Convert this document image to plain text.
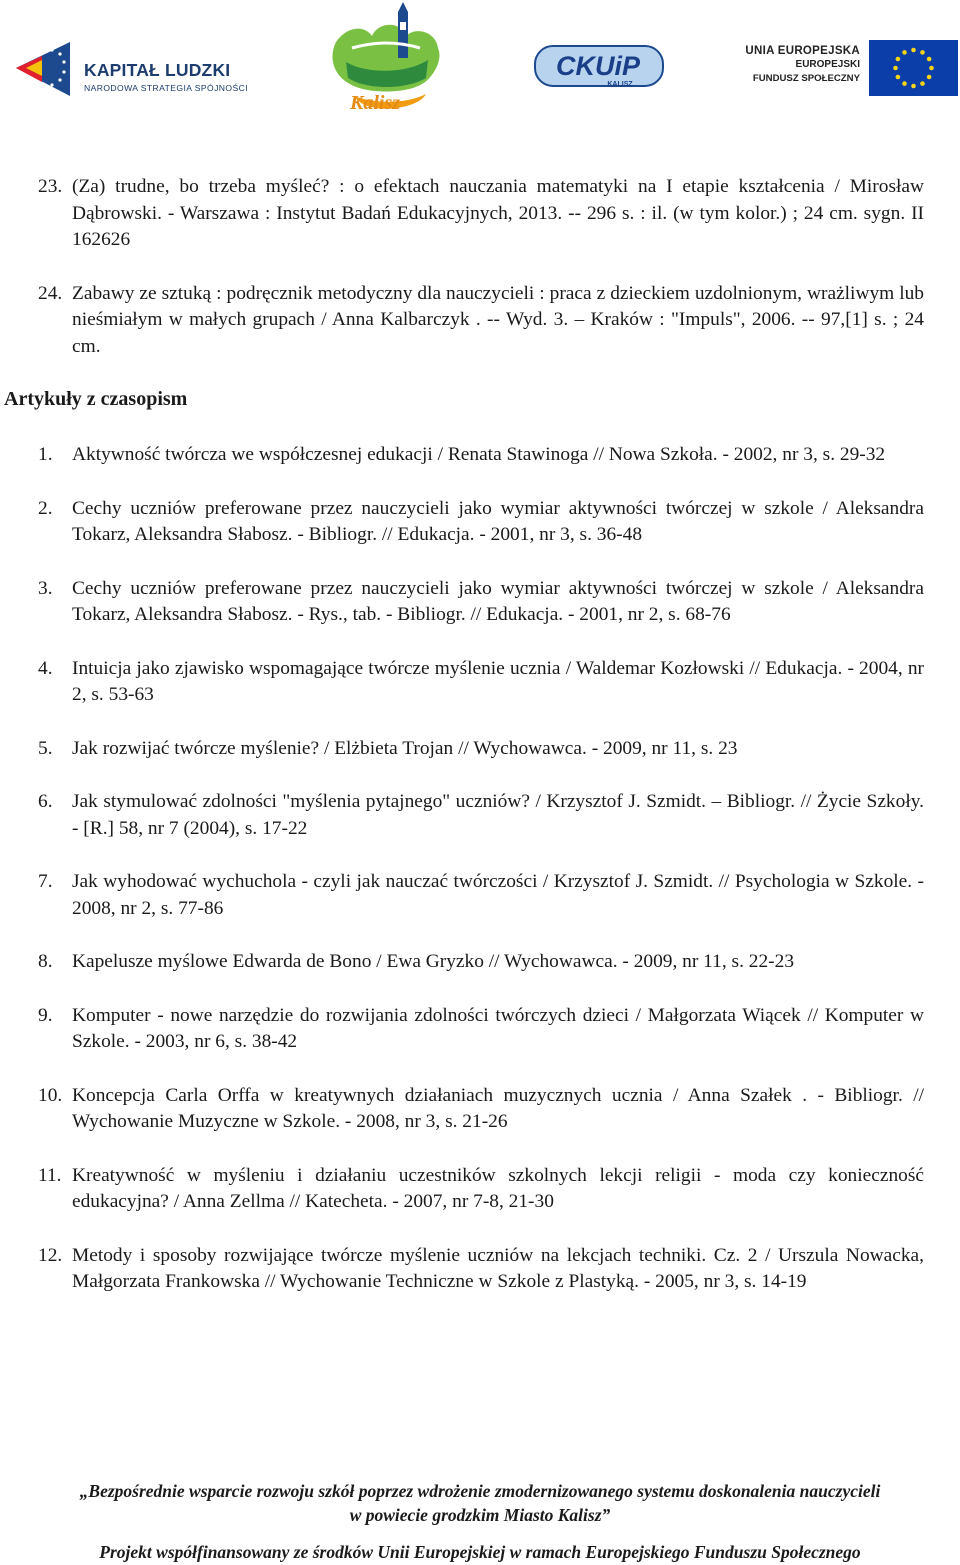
KAPITAŁ LUDZKI
NARODOWA STRATEGIA SPÓJNOŚCI
Kalisz
CKUiP
KALISZ
UNIA EUROPEJSKA
EUROPEJSKI
FUNDUSZ SPOŁECZNY
23. (Za) trudne, bo trzeba myśleć? : o efektach nauczania matematyki na I etapie kształcenia / Mirosław Dąbrowski. - Warszawa : Instytut Badań Edukacyjnych, 2013. -- 296 s. : il. (w tym kolor.) ; 24 cm. sygn. II 162626
24. Zabawy ze sztuką : podręcznik metodyczny dla nauczycieli : praca z dzieckiem uzdolnionym, wrażliwym lub nieśmiałym w małych grupach / Anna Kalbarczyk . -- Wyd. 3. – Kraków : "Impuls", 2006. -- 97,[1] s. ; 24 cm.
Artykuły z czasopism
1.	Aktywność twórcza we współczesnej edukacji / Renata Stawinoga // Nowa Szkoła. - 2002, nr 3, s. 29-32
2.	Cechy uczniów preferowane przez nauczycieli jako wymiar aktywności twórczej w szkole / Aleksandra Tokarz, Aleksandra Słabosz. - Bibliogr. // Edukacja. - 2001, nr 3, s. 36-48
3.	Cechy uczniów preferowane przez nauczycieli jako wymiar aktywności twórczej w szkole / Aleksandra Tokarz, Aleksandra Słabosz. - Rys., tab. - Bibliogr. // Edukacja. - 2001, nr 2, s. 68-76
4.	Intuicja jako zjawisko wspomagające twórcze myślenie ucznia / Waldemar Kozłowski // Edukacja. - 2004, nr 2, s. 53-63
5.	Jak rozwijać twórcze myślenie? / Elżbieta Trojan // Wychowawca. - 2009, nr 11, s. 23
6.	Jak stymulować zdolności "myślenia pytajnego" uczniów? / Krzysztof J. Szmidt. – Bibliogr. // Życie Szkoły. - [R.] 58, nr 7 (2004), s. 17-22
7.	Jak wyhodować wychuchola - czyli jak nauczać twórczości / Krzysztof J. Szmidt. // Psychologia w Szkole. - 2008, nr 2, s. 77-86
8.	Kapelusze myślowe Edwarda de Bono / Ewa Gryzko // Wychowawca. - 2009, nr 11, s. 22-23
9.	Komputer - nowe narzędzie do rozwijania zdolności twórczych dzieci / Małgorzata Wiącek // Komputer w Szkole. - 2003, nr 6, s. 38-42
10. Koncepcja Carla Orffa w kreatywnych działaniach muzycznych ucznia / Anna Szałek . - Bibliogr. // Wychowanie Muzyczne w Szkole. - 2008, nr 3, s. 21-26
11. Kreatywność w myśleniu i działaniu uczestników szkolnych lekcji religii - moda czy konieczność edukacyjna? / Anna Zellma // Katecheta. - 2007, nr 7-8, 21-30
12. Metody i sposoby rozwijające twórcze myślenie uczniów na lekcjach techniki. Cz. 2 / Urszula Nowacka, Małgorzata Frankowska // Wychowanie Techniczne w Szkole z Plastyką. - 2005, nr 3, s. 14-19
„Bezpośrednie wsparcie rozwoju szkół poprzez wdrożenie zmodernizowanego systemu doskonalenia nauczycieli
w powiecie grodzkim Miasto Kalisz”
Projekt współfinansowany ze środków Unii Europejskiej w ramach Europejskiego Funduszu Społecznego
